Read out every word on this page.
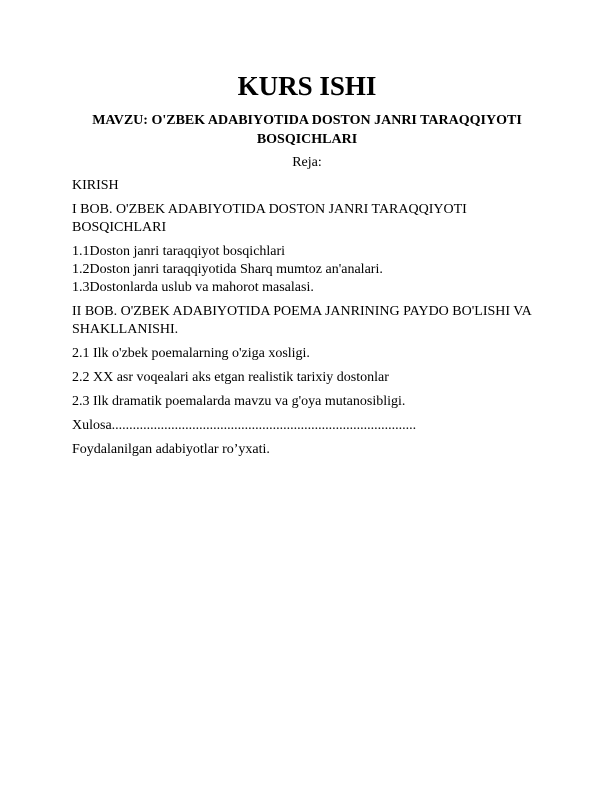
KURS ISHI

MAVZU: O'ZBEK ADABIYOTIDA DOSTON JANRI TARAQQIYOTI BOSQICHLARI

Reja:

KIRISH
I BOB. O'ZBEK ADABIYOTIDA DOSTON JANRI TARAQQIYOTI BOSQICHLARI
1.1Doston janri taraqqiyot bosqichlari
1.2Doston janri taraqqiyotida Sharq mumtoz an'analari.
1.3Dostonlarda uslub va mahorot masalasi.
II BOB. O'ZBEK ADABIYOTIDA POEMA JANRINING PAYDO BO'LISHI VA SHAKLLANISHI.
2.1 Ilk o'zbek poemalarning o'ziga xosligi.
2.2 XX asr voqealari aks etgan realistik tarixiy dostonlar
2.3 Ilk dramatik poemalarda mavzu va g'oya mutanosibligi.
Xulosa.......................................................................................
Foydalanilgan adabiyotlar ro’yxati.
